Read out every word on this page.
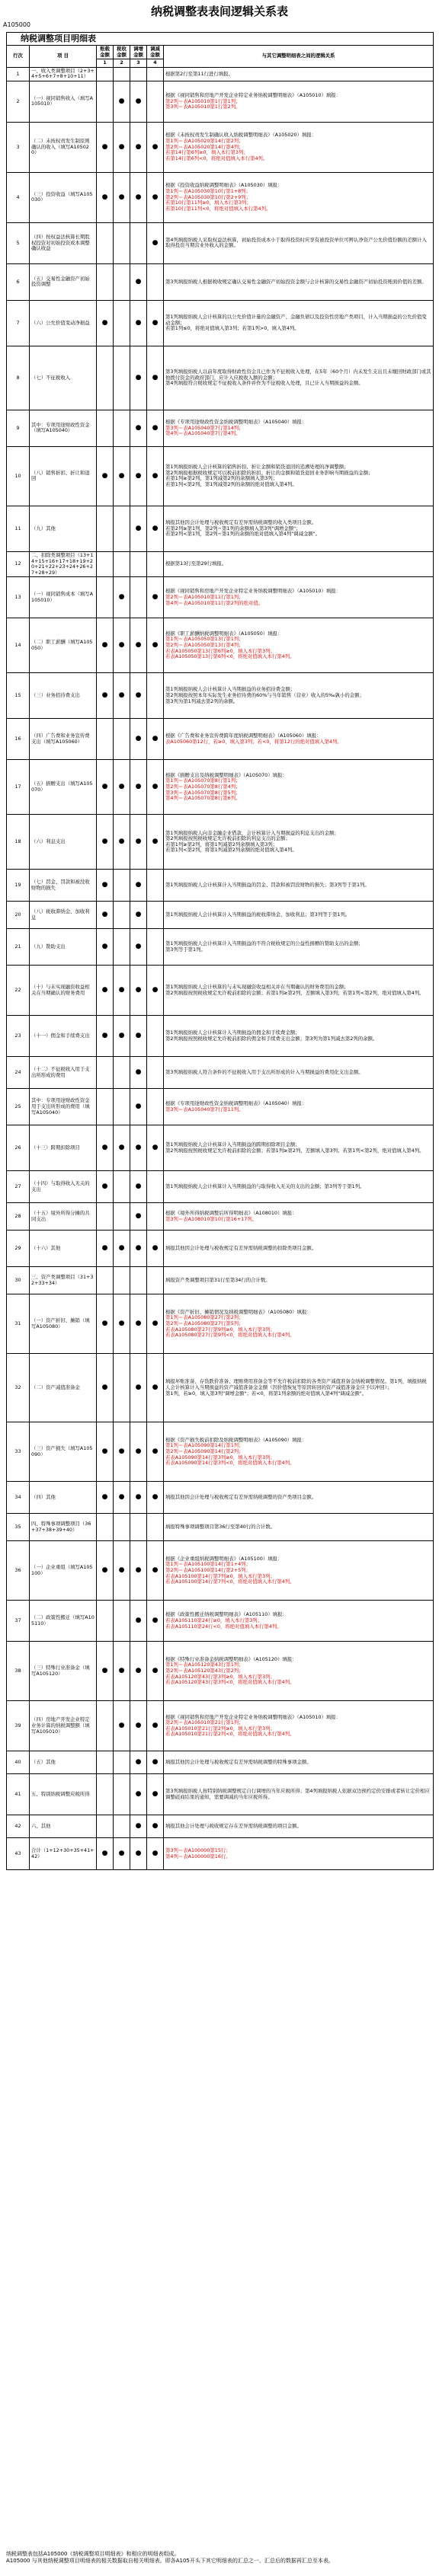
纳税调整表表间逻辑关系表
A105000
纳税调整项目明细表						
行次	项 目	账载金额	税收金额	调增金额	调减金额	与其它调整明细表之间的逻辑关系
		1	2	3	4	
1	一、收入类调整项目（2+3+4+5+6+7+8+10+11）					根据第2行至第11行进行填报。

2	（一）视同销售收入（填写A105010）		●	●		根据《视同销售和房地产开发企业特定业务纳税调整明细表》（A105010）填报：
第2列＝表A105010第1行第1列；
第3列＝表A105010第1行第2列。

3	（二）未按权责发生制原则确认的收入（填写A105020）	●	●	●	●	根据《未按权责发生制确认收入纳税调整明细表》（A105020）填报：
第1列＝表A105020第14行第2列；
第2列＝表A105020第14行第4列；
若第14行第6列≥0，填入本行第3列；
若第14行第6列<0，将绝对值填入本行第4列。

4	（三）投资收益（填写A105030）	●	●	●	●	根据《投资收益纳税调整明细表》（A105030）填报：
第1列＝表A105030第10行第1+8列；
第2列＝表A105030第10行第2+9列；
若第10行第11列≥0，填入本行第3列；
若第10行第11列<0，将绝对值填入本行第4列。

5	（四）按权益法核算长期股权投资对初始投资成本调整确认收益				●	第4列填报纳税人采取权益法核算，初始投资成本小于取得投资时应享有被投资单位可辨认净资产公允价值份额的差额计入取得投资当期营业外收入的金额。

6	（五）交易性金融资产初始投资调整			●		第3列填报纳税人根据税收规定确认交易性金融资产初始投资金额与会计核算的交易性金融资产初始投资账面价值的差额。

7	（六）公允价值变动净损益	●		●	●	第1列填报纳税人会计核算的以公允价值计量的金融资产、金融负债以及投资性房地产类项目，计入当期损益的公允价值变动金额；
若第1列≤0，将绝对值填入第3列；若第1列>0，填入第4列。

8	（七）不征税收入			●	●	第3列填报纳税人以前年度取得财政性资金且已作为不征税收入处理，在5年（60个月）内未发生支出且未缴回财政部门或其他拨付资金的政府部门，应计入应税收入额的金额；
第4列填报符合税收规定不征税收入条件并作为不征税收入处理，且已计入当期损益的金额。

9	其中：专项用途财政性资金（填写A105040）			●	●	根据《专项用途财政性资金纳税调整明细表》（A105040）填报：
第3列＝表A105040第7行第14列；
第4列＝表A105040第7行第4列。

10	（八）销售折扣、折让和退回	●	●	●	●	第1列填报纳税人会计核算的销售折扣、折让金额和销货退回的追溯处理的净调整额；
第2列填报根据税收规定可以税前扣除的折扣、折让的金额和销货退回业务影响当期损益的金额；
若第1列≥第2列，第1列减第2列的余额填入第3列；
若第1列<第2列，第1列减第2列的余额的绝对值填入第4列。

11	（九）其他			●	●	填报其他因会计处理与税收规定有差异需纳税调整的收入类项目金额。
若第2列≥第1列，第2列−第1列的余额填入第3列"调增金额"；
若第2列<第1列，第2列−第1列的余额的绝对值填入第4列"调减金额"。

12	二、扣除类调整项目（13+14+15+16+17+18+19+20+21+22+23+24+26+27+28+29）					根据第13行至第29行填报。

13	（一）视同销售成本（填写A105010）		●		●	根据《视同销售和房地产开发企业特定业务纳税调整明细表》（A105010）填报：
第2列＝表A105010第11行第1列；
第4列＝表A105010第11行第2列的绝对值。

14	（二）职工薪酬（填写A105050）	●	●	●	●	根据《职工薪酬纳税调整明细表》（A105050）填报：
第1列＝表A105050第13行第1列；
第2列＝表A105050第13行第4列；
若表A105050第13行第6列≥0，填入本行第3列；
若表A105050第13行第6列<0，将绝对值填入本行第4列。

15	（三）业务招待费支出	●	●	●		第1列填报纳税人会计核算计入当期损益的业务招待费金额；
第2列填报按照本年实际发生业务招待费的60%与当年销售（营业）收入的5‰孰小的金额；
第3列为第1列减去第2列的余额。

16	（四）广告费和业务宣传费支出（填写A105060）			●	●	根据《广告费和业务宣传费跨年度纳税调整明细表》（A105060）填报：
表A105060第12行，若≥0，填入第3列；若<0，将第12行的绝对值填入第4列。

17	（五）捐赠支出（填写A105070）	●	●	●	●	根据《捐赠支出及纳税调整明细表》（A105070）填报：
第1列＝表A105070第8行第1列；
第2列＝表A105070第8行第4列；
第3列＝表A105070第8行第5列；
第4列＝表A105070第8行第6列。

18	（六）利息支出	●	●	●	●	第1列填报纳税人向非金融企业借款，会计核算计入当期损益的利息支出的金额；
第2列填报按照税收规定允许税前扣除的利息支出的金额；
若第1列≥第2列，将第1列减第2列余额填入第3列；
若第1列<第2列，将第1列减第2列余额的绝对值填入第4列。

19	（七）罚金、罚款和被没收财物的损失	●		●		第1列填报纳税人会计核算计入当期损益的罚金、罚款和被罚没财物的损失；第3列等于第1列。

20	（八）税收滞纳金、加收利息	●		●		第1列填报纳税人会计核算计入当期损益的税收滞纳金、加收利息；第3列等于第1列。

21	（九）赞助支出	●		●		第1列填报纳税人会计核算计入当期损益的不符合税收规定的公益性捐赠的赞助支出的金额；
第3列等于第1列。

22	（十）与未实现融资收益相关在当期确认的财务费用	●	●	●	●	第1列填报纳税人会计核算的与未实现融资收益相关并在当期确认的财务费用的金额；
第2列填报按照税收规定允许税前扣除的金额；若第1列≥第2列，差额填入第3列；若第1列<第2列，绝对值填入第4列。

23	（十一）佣金和手续费支出	●	●	●		第1列填报纳税人会计核算计入当期损益的佣金和手续费金额；
第2列填报按照税收规定允许税前扣除的佣金和手续费支出金额；第3列为第1列减去第2列的余额。

24	（十二）不征税收入用于支出所形成的费用			●		第3列填报纳税人符合条件的不征税收入用于支出所形成的计入当期损益的费用化支出金额。

25	其中：专项用途财政性资金用于支出所形成的费用（填写A105040）			●		根据《专项用途财政性资金纳税调整明细表》（A105040）填报：
第3列＝表A105040第7行第11列。

26	（十三）跨期扣除项目	●	●	●	●	第1列填报纳税人会计核算计入当期损益的跨期扣除项目金额；
第2列填报按照税收规定允许税前扣除的金额；若第1列≥第2列，差额填入第3列；若第1列<第2列，绝对值填入第4列。

27	（十四）与取得收入无关的支出	●		●		第1列填报纳税人会计核算计入当期损益的与取得收入无关的支出的金额；第3列等于第1列。

28	（十五）境外所得分摊的共同支出			●		根据《境外所得纳税调整后所得明细表》（A108010）填报：
第3列＝表A108010第10行第16+17列。

29	（十六）其他	●	●	●	●	填报其他因会计处理与税收规定有差异需纳税调整的扣除类项目金额。

30	三、资产类调整项目（31+32+33+34）					填报资产类调整项目第31行至第34行的合计数。

31	（一）资产折旧、摊销（填写A105080）	●	●	●	●	根据《资产折旧、摊销情况及纳税调整明细表》（A105080）填报：
第1列＝表A105080第27行第2列；
第2列＝表A105080第27行第5列；
若表A105080第27行第9列≥0，填入本行第3列；
若表A105080第27行第9列<0，将绝对值填入本行第4列。

32	（二）资产减值准备金	●		●	●	填报坏账准备、存货跌价准备、理赔费用准备金等不允许税前扣除的各类资产减值准备金纳税调整情况。第1列，填报纳税人会计核算计入当期损益的资产减值准备金金额（因价值恢复等原因转回的资产减值准备金应予以冲回）；
第1列，若≥0，填入第3列"调增金额"；若<0，将第1列余额的绝对值填入第4列"调减金额"。

33	（三）资产损失（填写A105090）	●	●	●	●	根据《资产损失税前扣除及纳税调整明细表》（A105090）填报：
第1列＝表A105090第14行第1列；
第2列＝表A105090第14行第2列；
若表A105090第14行第3列≥0，填入本行第3列；
若表A105090第14行第3列<0，将绝对值填入本行第4列。

34	（四）其他	●	●	●	●	填报其他因会计处理与税收规定有差异需纳税调整的资产类项目金额。

35	四、特殊事项调整项目（36+37+38+39+40）					填报特殊事项调整项目第36行至第40行的合计数。

36	（一）企业重组（填写A105100）	●	●	●	●	根据《企业重组纳税调整明细表》（A105100）填报：
第1列＝表A105100第14行第1+4列；
第2列＝表A105100第14行第2+5列；
若表A105100第14行第7列≥0，填入本行第3列；
若表A105100第14行第7列<0，将绝对值填入本行第4列。

37	（二）政策性搬迁（填写A105110）			●	●	根据《政策性搬迁纳税调整明细表》（A105110）填报：
若表A105110第24行≥0，填入本行第3列；
若表A105110第24行<0，将绝对值填入本行第4列。

38	（三）特殊行业准备金（填写A105120）	●	●	●	●	根据《特殊行业准备金纳税调整明细表》（A105120）填报：
第1列＝表A105120第43行第1列；
第2列＝表A105120第43行第2列；
若表A105120第43行第3列≥0，填入本行第3列；
若表A105120第43行第3列<0，将绝对值填入本行第4列。

39	（四）房地产开发企业特定业务计算的纳税调整额（填写A105010）		●	●	●	根据《视同销售和房地产开发企业特定业务纳税调整明细表》（A105010）填报：
第2列＝表A105010第21行第1列；
若表A105010第21行第2列≥0，填入本行第3列；
若表A105010第21行第2列<0，将绝对值填入本行第4列。

40	（五）其他			●	●	填报其他因会计处理与税收规定有差异需纳税调整的特殊事项金额。

41	五、特别纳税调整应税所得			●	●	第3列填报纳税人按特别纳税调整规定自行调增的当年应税所得；第4列填报纳税人依据双边预约定价安排或者转让定价相应调整磋商结果的通知，需要调减的当年应税所得。

42	六、其他			●	●	填报其他会计处理与税收规定存在差异需纳税调整的项目金额。

43	合计（1+12+30+35+41+42）	●	●	●	●	第3列＝表A100000第15行；
第4列＝表A100000第16行。
纳税调整表包括A105000《纳税调整项目明细表》和相应的明细表组成。
A105000 与其他纳税调整项目明细表的相关数据取自相关明细表。即各A105开头下其它明细表的汇总之一、汇总后的数据再汇总至本表。
